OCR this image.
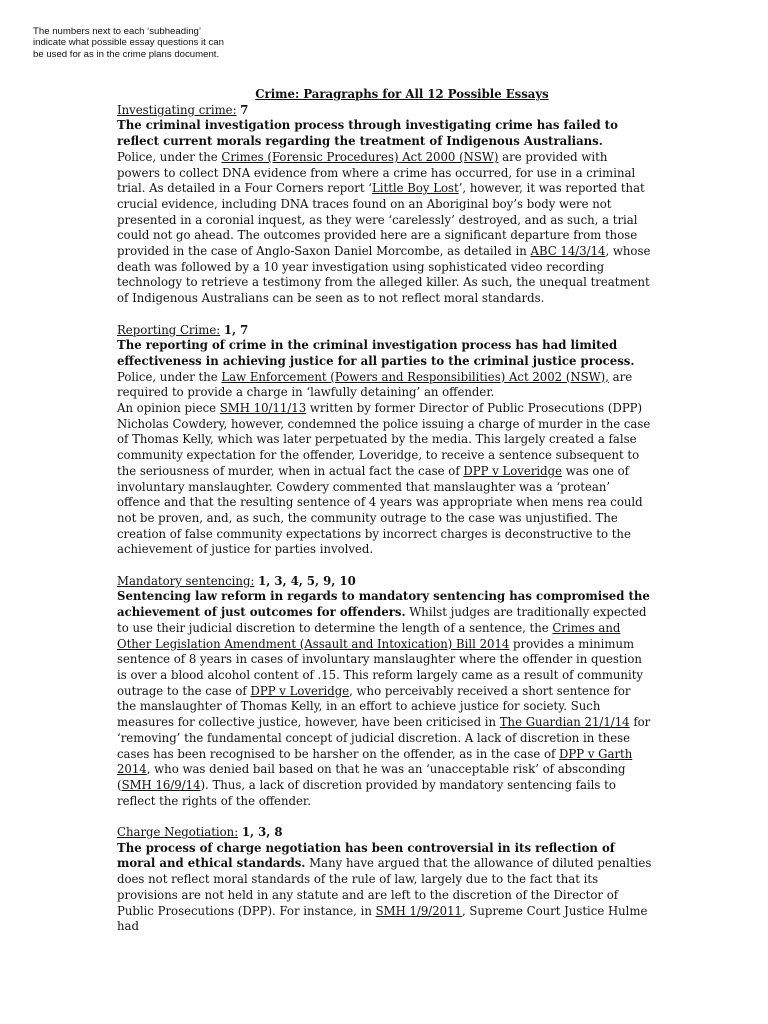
The numbers next to each ‘subheading’ indicate what possible essay questions it can be used for as in the crime plans document.
Crime: Paragraphs for All 12 Possible Essays
Investigating crime: 7

The criminal investigation process through investigating crime has failed to reflect current morals regarding the treatment of Indigenous Australians.
Police, under the Crimes (Forensic Procedures) Act 2000 (NSW) are provided with powers to collect DNA evidence from where a crime has occurred, for use in a criminal trial. As detailed in a Four Corners report ‘Little Boy Lost’, however, it was reported that crucial evidence, including DNA traces found on an Aboriginal boy’s body were not presented in a coronial inquest, as they were ‘carelessly’ destroyed, and as such, a trial could not go ahead. The outcomes provided here are a significant departure from those provided in the case of Anglo-Saxon Daniel Morcombe, as detailed in ABC 14/3/14, whose death was followed by a 10 year investigation using sophisticated video recording technology to retrieve a testimony from the alleged killer. As such, the unequal treatment of Indigenous Australians can be seen as to not reflect moral standards.

Reporting Crime: 1, 7

The reporting of crime in the criminal investigation process has had limited effectiveness in achieving justice for all parties to the criminal justice process.
Police, under the Law Enforcement (Powers and Responsibilities) Act 2002 (NSW), are required to provide a charge in ‘lawfully detaining’ an offender.
An opinion piece SMH 10/11/13 written by former Director of Public Prosecutions (DPP) Nicholas Cowdery, however, condemned the police issuing a charge of murder in the case of Thomas Kelly, which was later perpetuated by the media. This largely created a false community expectation for the offender, Loveridge, to receive a sentence subsequent to the seriousness of murder, when in actual fact the case of DPP v Loveridge was one of involuntary manslaughter. Cowdery commented that manslaughter was a ‘protean’ offence and that the resulting sentence of 4 years was appropriate when mens rea could not be proven, and, as such, the community outrage to the case was unjustified. The creation of false community expectations by incorrect charges is deconstructive to the achievement of justice for parties involved.

Mandatory sentencing: 1, 3, 4, 5, 9, 10

Sentencing law reform in regards to mandatory sentencing has compromised the achievement of just outcomes for offenders. Whilst judges are traditionally expected to use their judicial discretion to determine the length of a sentence, the Crimes and Other Legislation Amendment (Assault and Intoxication) Bill 2014 provides a minimum sentence of 8 years in cases of involuntary manslaughter where the offender in question is over a blood alcohol content of .15. This reform largely came as a result of community outrage to the case of DPP v Loveridge, who perceivably received a short sentence for the manslaughter of Thomas Kelly, in an effort to achieve justice for society. Such measures for collective justice, however, have been criticised in The Guardian 21/1/14 for ‘removing’ the fundamental concept of judicial discretion. A lack of discretion in these cases has been recognised to be harsher on the offender, as in the case of DPP v Garth 2014, who was denied bail based on that he was an ‘unacceptable risk’ of absconding (SMH 16/9/14). Thus, a lack of discretion provided by mandatory sentencing fails to reflect the rights of the offender.

Charge Negotiation: 1, 3, 8

The process of charge negotiation has been controversial in its reflection of moral and ethical standards. Many have argued that the allowance of diluted penalties does not reflect moral standards of the rule of law, largely due to the fact that its provisions are not held in any statute and are left to the discretion of the Director of Public Prosecutions (DPP). For instance, in SMH 1/9/2011, Supreme Court Justice Hulme had
